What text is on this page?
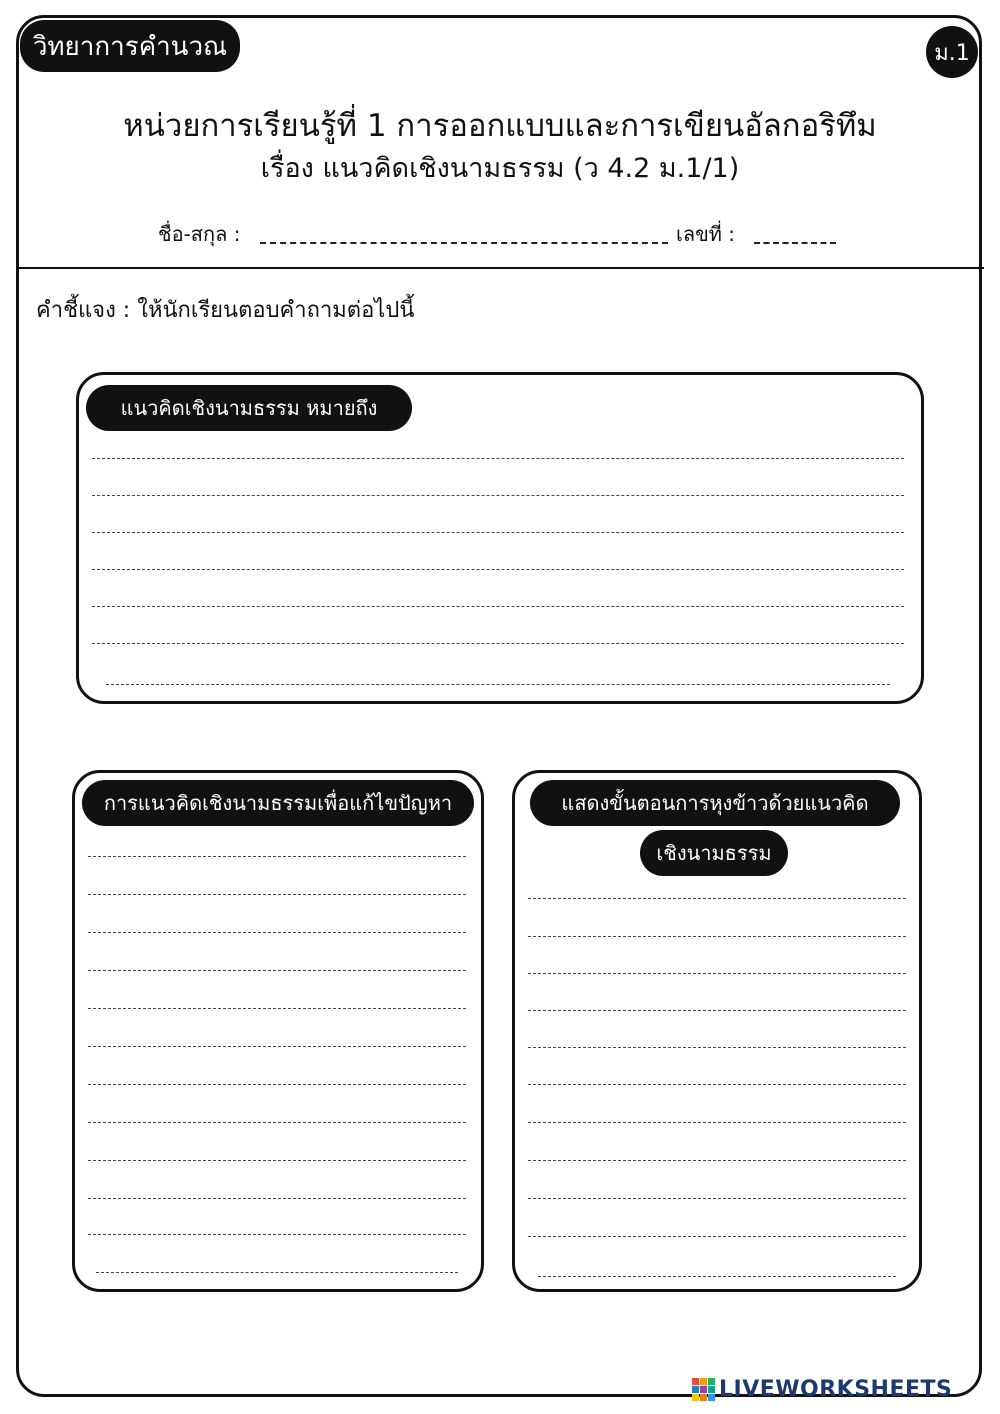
วิทยาการคำนวณ	ม.1
หน่วยการเรียนรู้ที่ 1 การออกแบบและการเขียนอัลกอริทึม
เรื่อง แนวคิดเชิงนามธรรม (ว 4.2 ม.1/1)
ชื่อ-สกุล :	เลขที่ :
คำชี้แจง : ให้นักเรียนตอบคำถามต่อไปนี้
แนวคิดเชิงนามธรรม หมายถึง
การแนวคิดเชิงนามธรรมเพื่อแก้ไขปัญหา	แสดงขั้นตอนการหุงข้าวด้วยแนวคิด
เชิงนามธรรม
LIVEWORKSHEETS
